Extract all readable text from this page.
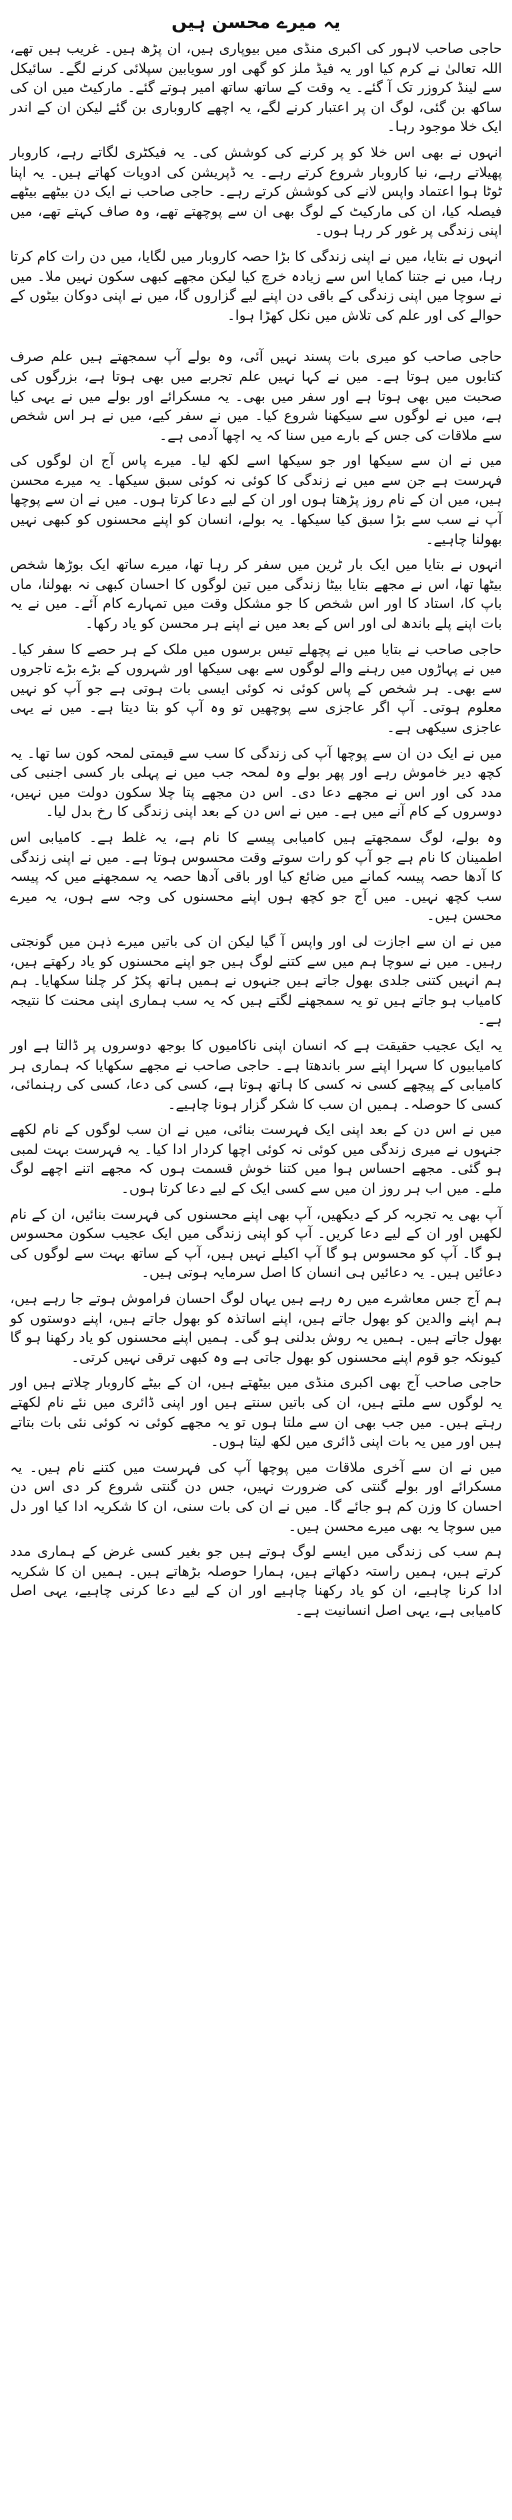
یہ میرے محسن ہیں

حاجی صاحب لاہور کی اکبری منڈی میں بیوپاری ہیں، ان پڑھ ہیں۔ غریب ہیں تھے، اللہ تعالیٰ نے کرم کیا اور یہ فیڈ ملز کو گھی اور سویابین سپلائی کرنے لگے۔ سائیکل سے لینڈ کروزر تک آ گئے۔ یہ وقت کے ساتھ ساتھ امیر ہوتے گئے۔ مارکیٹ میں ان کی ساکھ بن گئی، لوگ ان پر اعتبار کرنے لگے، یہ اچھے کاروباری بن گئے لیکن ان کے اندر ایک خلا موجود رہا۔

انہوں نے بھی اس خلا کو پر کرنے کی کوشش کی۔ یہ فیکٹری لگاتے رہے، کاروبار پھیلاتے رہے، نیا کاروبار شروع کرتے رہے۔ یہ ڈپریشن کی ادویات کھاتے ہیں۔ یہ اپنا ٹوٹا ہوا اعتماد واپس لانے کی کوشش کرتے رہے۔ حاجی صاحب نے ایک دن بیٹھے بیٹھے فیصلہ کیا، ان کی مارکیٹ کے لوگ بھی ان سے پوچھتے تھے، وہ صاف کہتے تھے، میں اپنی زندگی پر غور کر رہا ہوں۔

انہوں نے بتایا، میں نے اپنی زندگی کا بڑا حصہ کاروبار میں لگایا، میں دن رات کام کرتا رہا، میں نے جتنا کمایا اس سے زیادہ خرچ کیا لیکن مجھے کبھی سکون نہیں ملا۔ میں نے سوچا میں اپنی زندگی کے باقی دن اپنے لیے گزاروں گا، میں نے اپنی دوکان بیٹوں کے حوالے کی اور علم کی تلاش میں نکل کھڑا ہوا۔

حاجی صاحب کو میری بات پسند نہیں آئی، وہ بولے آپ سمجھتے ہیں علم صرف کتابوں میں ہوتا ہے۔ میں نے کہا نہیں علم تجربے میں بھی ہوتا ہے، بزرگوں کی صحبت میں بھی ہوتا ہے اور سفر میں بھی۔ یہ مسکرائے اور بولے میں نے یہی کیا ہے، میں نے لوگوں سے سیکھنا شروع کیا۔ میں نے سفر کیے، میں نے ہر اس شخص سے ملاقات کی جس کے بارے میں سنا کہ یہ اچھا آدمی ہے۔

میں نے ان سے سیکھا اور جو سیکھا اسے لکھ لیا۔ میرے پاس آج ان لوگوں کی فہرست ہے جن سے میں نے زندگی کا کوئی نہ کوئی سبق سیکھا۔ یہ میرے محسن ہیں، میں ان کے نام روز پڑھتا ہوں اور ان کے لیے دعا کرتا ہوں۔ میں نے ان سے پوچھا آپ نے سب سے بڑا سبق کیا سیکھا۔ یہ بولے، انسان کو اپنے محسنوں کو کبھی نہیں بھولنا چاہیے۔

انہوں نے بتایا میں ایک بار ٹرین میں سفر کر رہا تھا، میرے ساتھ ایک بوڑھا شخص بیٹھا تھا، اس نے مجھے بتایا بیٹا زندگی میں تین لوگوں کا احسان کبھی نہ بھولنا، ماں باپ کا، استاد کا اور اس شخص کا جو مشکل وقت میں تمہارے کام آئے۔ میں نے یہ بات اپنے پلے باندھ لی اور اس کے بعد میں نے اپنے ہر محسن کو یاد رکھا۔

حاجی صاحب نے بتایا میں نے پچھلے تیس برسوں میں ملک کے ہر حصے کا سفر کیا۔ میں نے پہاڑوں میں رہنے والے لوگوں سے بھی سیکھا اور شہروں کے بڑے بڑے تاجروں سے بھی۔ ہر شخص کے پاس کوئی نہ کوئی ایسی بات ہوتی ہے جو آپ کو نہیں معلوم ہوتی۔ آپ اگر عاجزی سے پوچھیں تو وہ آپ کو بتا دیتا ہے۔ میں نے یہی عاجزی سیکھی ہے۔

میں نے ایک دن ان سے پوچھا آپ کی زندگی کا سب سے قیمتی لمحہ کون سا تھا۔ یہ کچھ دیر خاموش رہے اور پھر بولے وہ لمحہ جب میں نے پہلی بار کسی اجنبی کی مدد کی اور اس نے مجھے دعا دی۔ اس دن مجھے پتا چلا سکون دولت میں نہیں، دوسروں کے کام آنے میں ہے۔ میں نے اس دن کے بعد اپنی زندگی کا رخ بدل لیا۔

وہ بولے، لوگ سمجھتے ہیں کامیابی پیسے کا نام ہے، یہ غلط ہے۔ کامیابی اس اطمینان کا نام ہے جو آپ کو رات سوتے وقت محسوس ہوتا ہے۔ میں نے اپنی زندگی کا آدھا حصہ پیسہ کمانے میں ضائع کیا اور باقی آدھا حصہ یہ سمجھنے میں کہ پیسہ سب کچھ نہیں۔ میں آج جو کچھ ہوں اپنے محسنوں کی وجہ سے ہوں، یہ میرے محسن ہیں۔

میں نے ان سے اجازت لی اور واپس آ گیا لیکن ان کی باتیں میرے ذہن میں گونجتی رہیں۔ میں نے سوچا ہم میں سے کتنے لوگ ہیں جو اپنے محسنوں کو یاد رکھتے ہیں، ہم انہیں کتنی جلدی بھول جاتے ہیں جنہوں نے ہمیں ہاتھ پکڑ کر چلنا سکھایا۔ ہم کامیاب ہو جاتے ہیں تو یہ سمجھنے لگتے ہیں کہ یہ سب ہماری اپنی محنت کا نتیجہ ہے۔

یہ ایک عجیب حقیقت ہے کہ انسان اپنی ناکامیوں کا بوجھ دوسروں پر ڈالتا ہے اور کامیابیوں کا سہرا اپنے سر باندھتا ہے۔ حاجی صاحب نے مجھے سکھایا کہ ہماری ہر کامیابی کے پیچھے کسی نہ کسی کا ہاتھ ہوتا ہے، کسی کی دعا، کسی کی رہنمائی، کسی کا حوصلہ۔ ہمیں ان سب کا شکر گزار ہونا چاہیے۔

میں نے اس دن کے بعد اپنی ایک فہرست بنائی، میں نے ان سب لوگوں کے نام لکھے جنہوں نے میری زندگی میں کوئی نہ کوئی اچھا کردار ادا کیا۔ یہ فہرست بہت لمبی ہو گئی۔ مجھے احساس ہوا میں کتنا خوش قسمت ہوں کہ مجھے اتنے اچھے لوگ ملے۔ میں اب ہر روز ان میں سے کسی ایک کے لیے دعا کرتا ہوں۔

آپ بھی یہ تجربہ کر کے دیکھیں، آپ بھی اپنے محسنوں کی فہرست بنائیں، ان کے نام لکھیں اور ان کے لیے دعا کریں۔ آپ کو اپنی زندگی میں ایک عجیب سکون محسوس ہو گا۔ آپ کو محسوس ہو گا آپ اکیلے نہیں ہیں، آپ کے ساتھ بہت سے لوگوں کی دعائیں ہیں۔ یہ دعائیں ہی انسان کا اصل سرمایہ ہوتی ہیں۔

ہم آج جس معاشرے میں رہ رہے ہیں یہاں لوگ احسان فراموش ہوتے جا رہے ہیں، ہم اپنے والدین کو بھول جاتے ہیں، اپنے اساتذہ کو بھول جاتے ہیں، اپنے دوستوں کو بھول جاتے ہیں۔ ہمیں یہ روش بدلنی ہو گی۔ ہمیں اپنے محسنوں کو یاد رکھنا ہو گا کیونکہ جو قوم اپنے محسنوں کو بھول جاتی ہے وہ کبھی ترقی نہیں کرتی۔

حاجی صاحب آج بھی اکبری منڈی میں بیٹھتے ہیں، ان کے بیٹے کاروبار چلاتے ہیں اور یہ لوگوں سے ملتے ہیں، ان کی باتیں سنتے ہیں اور اپنی ڈائری میں نئے نام لکھتے رہتے ہیں۔ میں جب بھی ان سے ملتا ہوں تو یہ مجھے کوئی نہ کوئی نئی بات بتاتے ہیں اور میں یہ بات اپنی ڈائری میں لکھ لیتا ہوں۔

میں نے ان سے آخری ملاقات میں پوچھا آپ کی فہرست میں کتنے نام ہیں۔ یہ مسکرائے اور بولے گنتی کی ضرورت نہیں، جس دن گنتی شروع کر دی اس دن احسان کا وزن کم ہو جائے گا۔ میں نے ان کی بات سنی، ان کا شکریہ ادا کیا اور دل میں سوچا یہ بھی میرے محسن ہیں۔

ہم سب کی زندگی میں ایسے لوگ ہوتے ہیں جو بغیر کسی غرض کے ہماری مدد کرتے ہیں، ہمیں راستہ دکھاتے ہیں، ہمارا حوصلہ بڑھاتے ہیں۔ ہمیں ان کا شکریہ ادا کرنا چاہیے، ان کو یاد رکھنا چاہیے اور ان کے لیے دعا کرنی چاہیے، یہی اصل کامیابی ہے، یہی اصل انسانیت ہے۔
